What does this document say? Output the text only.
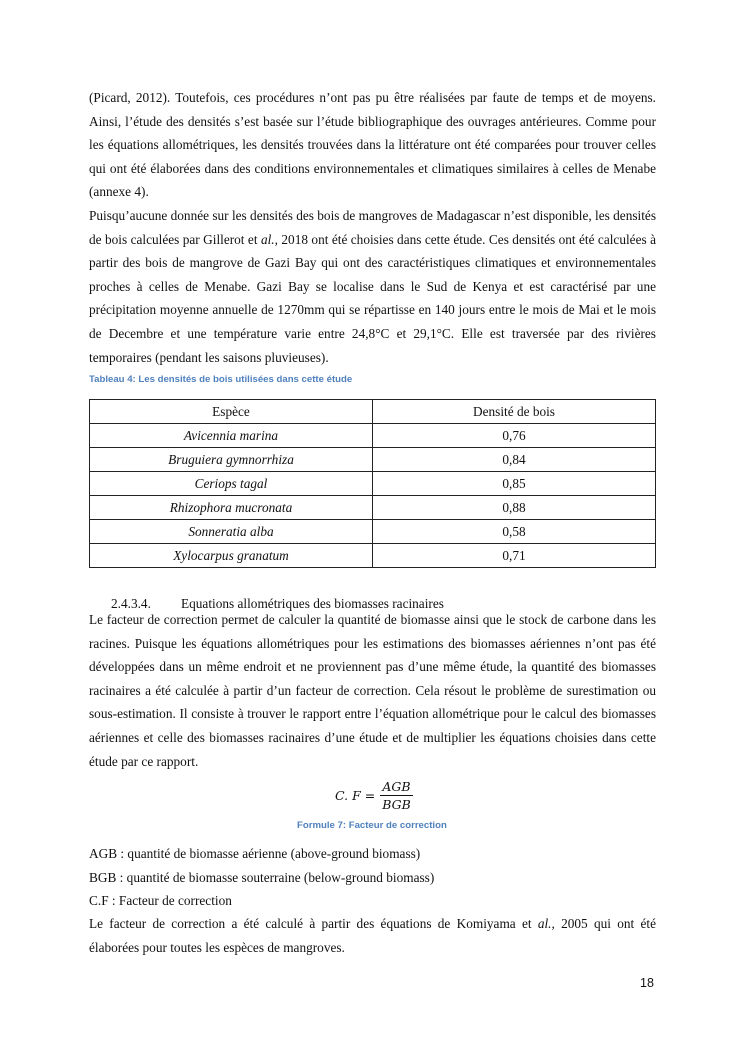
(Picard, 2012). Toutefois, ces procédures n’ont pas pu être réalisées par faute de temps et de moyens. Ainsi, l’étude des densités s’est basée sur l’étude bibliographique des ouvrages antérieures. Comme pour les équations allométriques, les densités trouvées dans la littérature ont été comparées pour trouver celles qui ont été élaborées dans des conditions environnementales et climatiques similaires à celles de Menabe (annexe 4).

Puisqu’aucune donnée sur les densités des bois de mangroves de Madagascar n’est disponible, les densités de bois calculées par Gillerot et al., 2018 ont été choisies dans cette étude. Ces densités ont été calculées à partir des bois de mangrove de Gazi Bay qui ont des caractéristiques climatiques et environnementales proches à celles de Menabe. Gazi Bay se localise dans le Sud de Kenya et est caractérisé par une précipitation moyenne annuelle de 1270mm qui se répartisse en 140 jours entre le mois de Mai et le mois de Decembre et une température varie entre 24,8°C et 29,1°C. Elle est traversée par des rivières temporaires (pendant les saisons pluvieuses).

Tableau 4: Les densités de bois utilisées dans cette étude

Espèce	Densité de bois
Avicennia marina	0,76
Bruguiera gymnorrhiza	0,84
Ceriops tagal	0,85
Rhizophora mucronata	0,88
Sonneratia alba	0,58
Xylocarpus granatum	0,71
2.4.3.4. Equations allométriques des biomasses racinaires

Le facteur de correction permet de calculer la quantité de biomasse ainsi que le stock de carbone dans les racines. Puisque les équations allométriques pour les estimations des biomasses aériennes n’ont pas été développées dans un même endroit et ne proviennent pas d’une même étude, la quantité des biomasses racinaires a été calculée à partir d’un facteur de correction. Cela résout le problème de surestimation ou sous-estimation. Il consiste à trouver le rapport entre l’équation allométrique pour le calcul des biomasses aériennes et celle des biomasses racinaires d’une étude et de multiplier les équations choisies dans cette étude par ce rapport.

C. $F = \frac{\text{AGB}}{\text{BGB}}$

Formule 7: Facteur de correction

AGB : quantité de biomasse aérienne (above-ground biomass)

BGB : quantité de biomasse souterraine (below-ground biomass)

C.F : Facteur de correction

Le facteur de correction a été calculé à partir des équations de Komiyama et al., 2005 qui ont été élaborées pour toutes les espèces de mangroves.

18
